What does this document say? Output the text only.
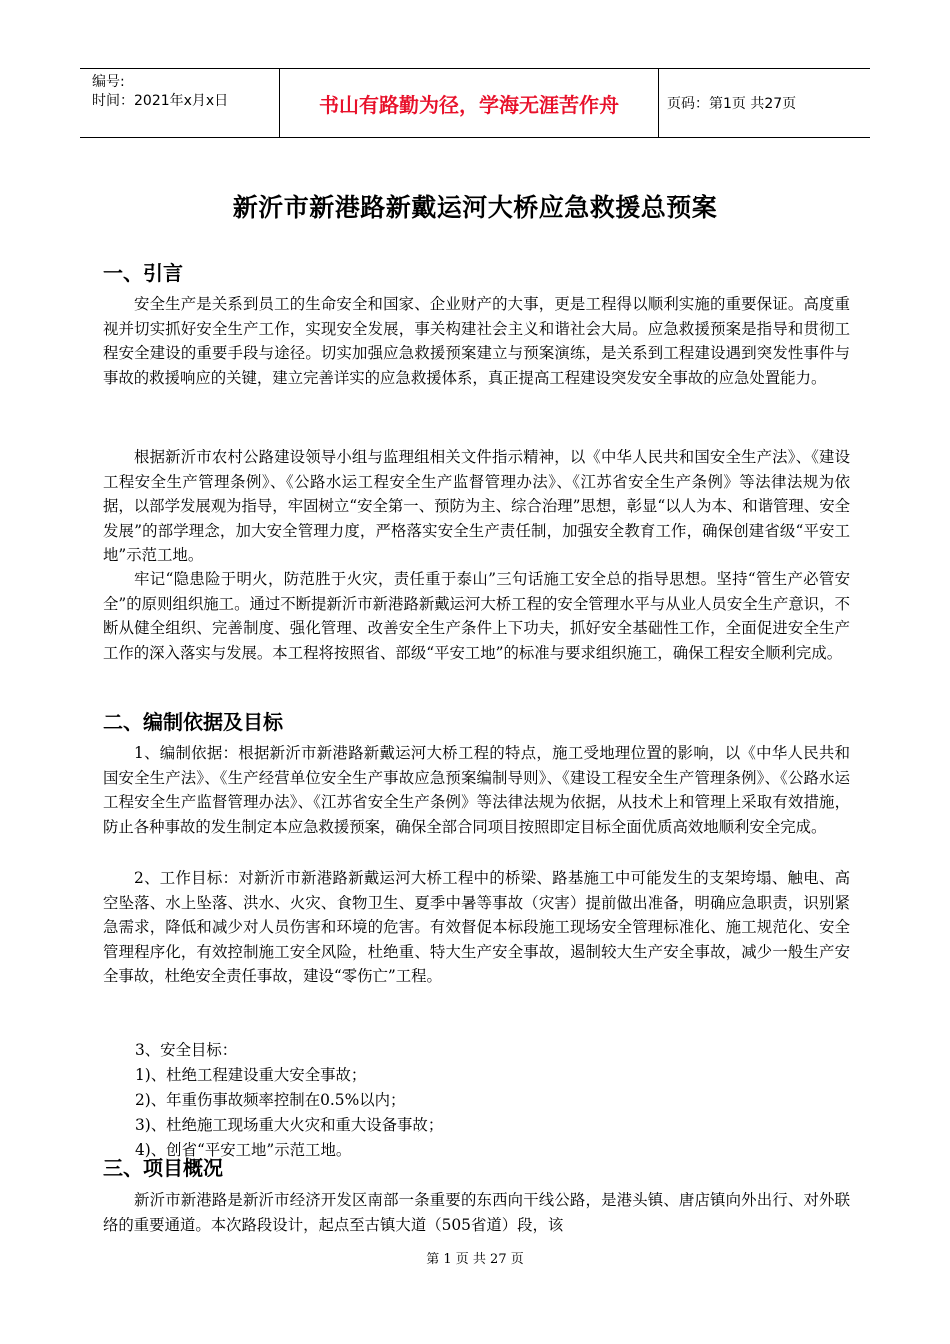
编号:
时间：2021年x月x日	书山有路勤为径，学海无涯苦作舟	页码：第1页 共27页
新沂市新港路新戴运河大桥应急救援总预案
一、引言

安全生产是关系到员工的生命安全和国家、企业财产的大事，更是工程得以顺利实施的重要保证。高度重视并切实抓好安全生产工作，实现安全发展，事关构建社会主义和谐社会大局。应急救援预案是指导和贯彻工程安全建设的重要手段与途径。切实加强应急救援预案建立与预案演练，是关系到工程建设遇到突发性事件与事故的救援响应的关键，建立完善详实的应急救援体系，真正提高工程建设突发安全事故的应急处置能力。

根据新沂市农村公路建设领导小组与监理组相关文件指示精神，以《中华人民共和国安全生产法》、《建设工程安全生产管理条例》、《公路水运工程安全生产监督管理办法》、《江苏省安全生产条例》等法律法规为依据，以部学发展观为指导，牢固树立“安全第一、预防为主、综合治理”思想，彰显“以人为本、和谐管理、安全发展”的部学理念，加大安全管理力度，严格落实安全生产责任制，加强安全教育工作，确保创建省级“平安工地”示范工地。

牢记“隐患险于明火，防范胜于火灾，责任重于泰山”三句话施工安全总的指导思想。坚持“管生产必管安全”的原则组织施工。通过不断提新沂市新港路新戴运河大桥工程的安全管理水平与从业人员安全生产意识，不断从健全组织、完善制度、强化管理、改善安全生产条件上下功夫，抓好安全基础性工作，全面促进安全生产工作的深入落实与发展。本工程将按照省、部级“平安工地”的标准与要求组织施工，确保工程安全顺利完成。

二、编制依据及目标

1、编制依据：根据新沂市新港路新戴运河大桥工程的特点，施工受地理位置的影响，以《中华人民共和国安全生产法》、《生产经营单位安全生产事故应急预案编制导则》、《建设工程安全生产管理条例》、《公路水运工程安全生产监督管理办法》、《江苏省安全生产条例》等法律法规为依据，从技术上和管理上采取有效措施，防止各种事故的发生制定本应急救援预案，确保全部合同项目按照即定目标全面优质高效地顺利安全完成。

2、工作目标：对新沂市新港路新戴运河大桥工程中的桥梁、路基施工中可能发生的支架垮塌、触电、高空坠落、水上坠落、洪水、火灾、食物卫生、夏季中暑等事故（灾害）提前做出准备，明确应急职责，识别紧急需求，降低和减少对人员伤害和环境的危害。有效督促本标段施工现场安全管理标准化、施工规范化、安全管理程序化，有效控制施工安全风险，杜绝重、特大生产安全事故，遏制较大生产安全事故，减少一般生产安全事故，杜绝安全责任事故，建设“零伤亡”工程。

3、安全目标：
1)、杜绝工程建设重大安全事故；
2)、年重伤事故频率控制在0.5%以内；
3)、杜绝施工现场重大火灾和重大设备事故；
4)、创省“平安工地”示范工地。
三、项目概况

新沂市新港路是新沂市经济开发区南部一条重要的东西向干线公路，是港头镇、唐店镇向外出行、对外联络的重要通道。本次路段设计，起点至古镇大道（505省道）段，该

第 1 页 共 27 页
